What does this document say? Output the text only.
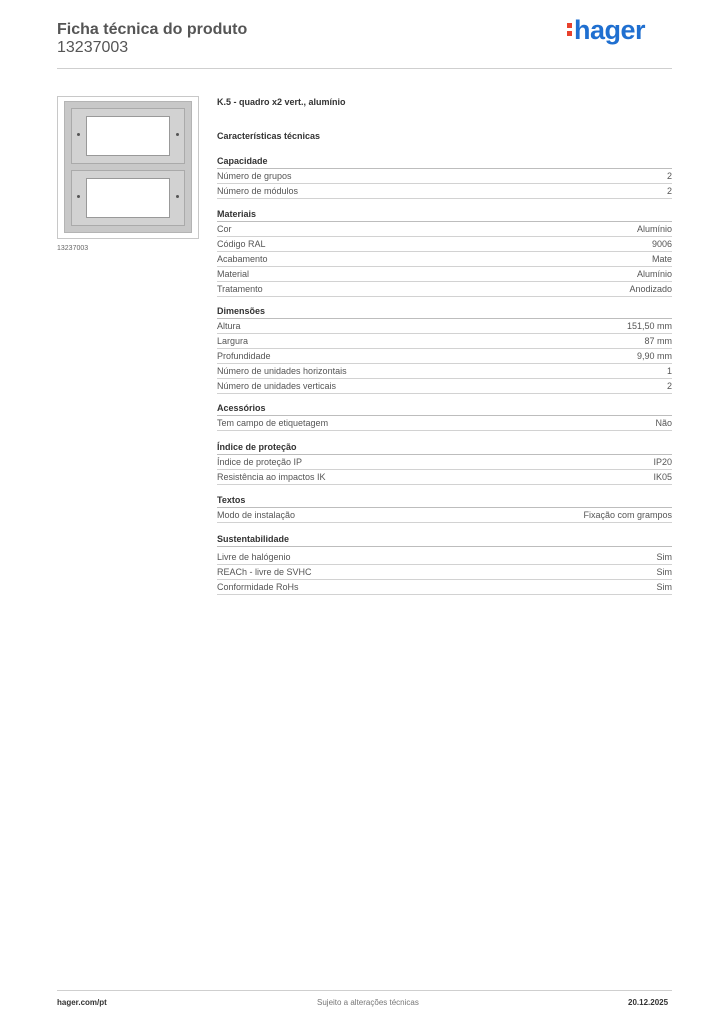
Ficha técnica do produto
13237003
hager
13237003
K.5 - quadro x2 vert., alumínio
Características técnicas
Capacidade
Número de grupos	2
Número de módulos	2
Materiais
Cor	Alumínio
Código RAL	9006
Acabamento	Mate
Material	Alumínio
Tratamento	Anodizado
Dimensões
Altura	151,50 mm
Largura	87 mm
Profundidade	9,90 mm
Número de unidades horizontais	1
Número de unidades verticais	2
Acessórios
Tem campo de etiquetagem	Não
Índice de proteção
Índice de proteção IP	IP20
Resistência ao impactos IK	IK05
Textos
Modo de instalação	Fixação com grampos
Sustentabilidade
Livre de halógenio	Sim
REACh - livre de SVHC	Sim
Conformidade RoHs	Sim
hager.com/pt	Sujeito a alterações técnicas	20.12.2025
